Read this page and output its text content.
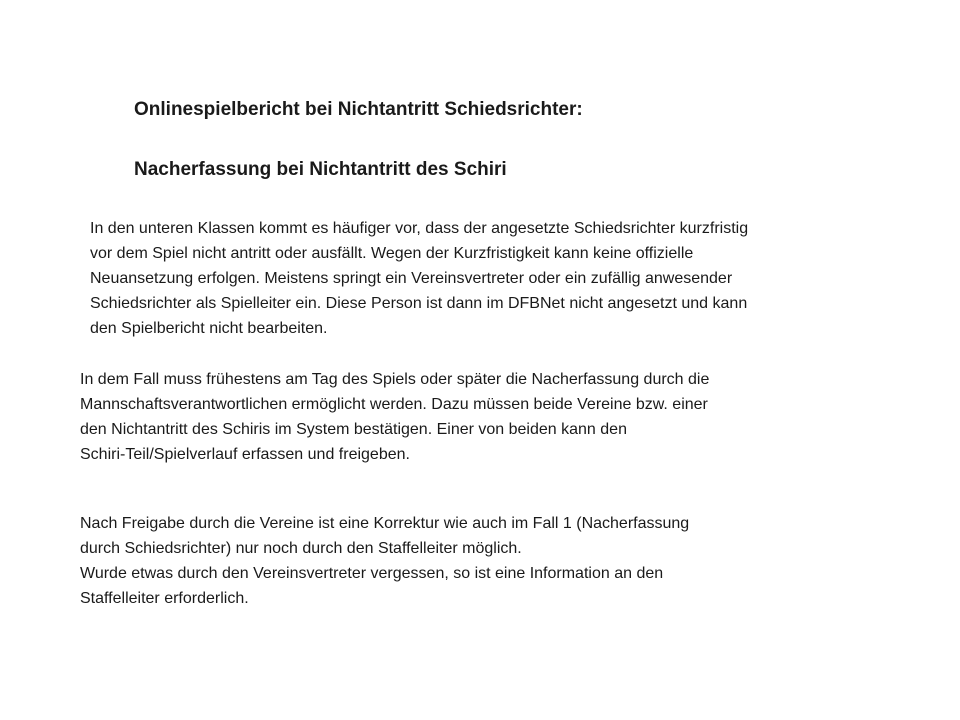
Onlinespielbericht bei Nichtantritt Schiedsrichter:
Nacherfassung bei Nichtantritt des Schiri

In den unteren Klassen kommt es häufiger vor, dass der angesetzte Schiedsrichter kurzfristig
vor dem Spiel nicht antritt oder ausfällt. Wegen der Kurzfristigkeit kann keine offizielle
Neuansetzung erfolgen. Meistens springt ein Vereinsvertreter oder ein zufällig anwesender
Schiedsrichter als Spielleiter ein. Diese Person ist dann im DFBNet nicht angesetzt und kann
den Spielbericht nicht bearbeiten.

In dem Fall muss frühestens am Tag des Spiels oder später die Nacherfassung durch die
Mannschaftsverantwortlichen ermöglicht werden. Dazu müssen beide Vereine bzw. einer
den Nichtantritt des Schiris im System bestätigen. Einer von beiden kann den
Schiri-Teil/Spielverlauf erfassen und freigeben.

Nach Freigabe durch die Vereine ist eine Korrektur wie auch im Fall 1 (Nacherfassung
durch Schiedsrichter) nur noch durch den Staffelleiter möglich.
Wurde etwas durch den Vereinsvertreter vergessen, so ist eine Information an den
Staffelleiter erforderlich.
